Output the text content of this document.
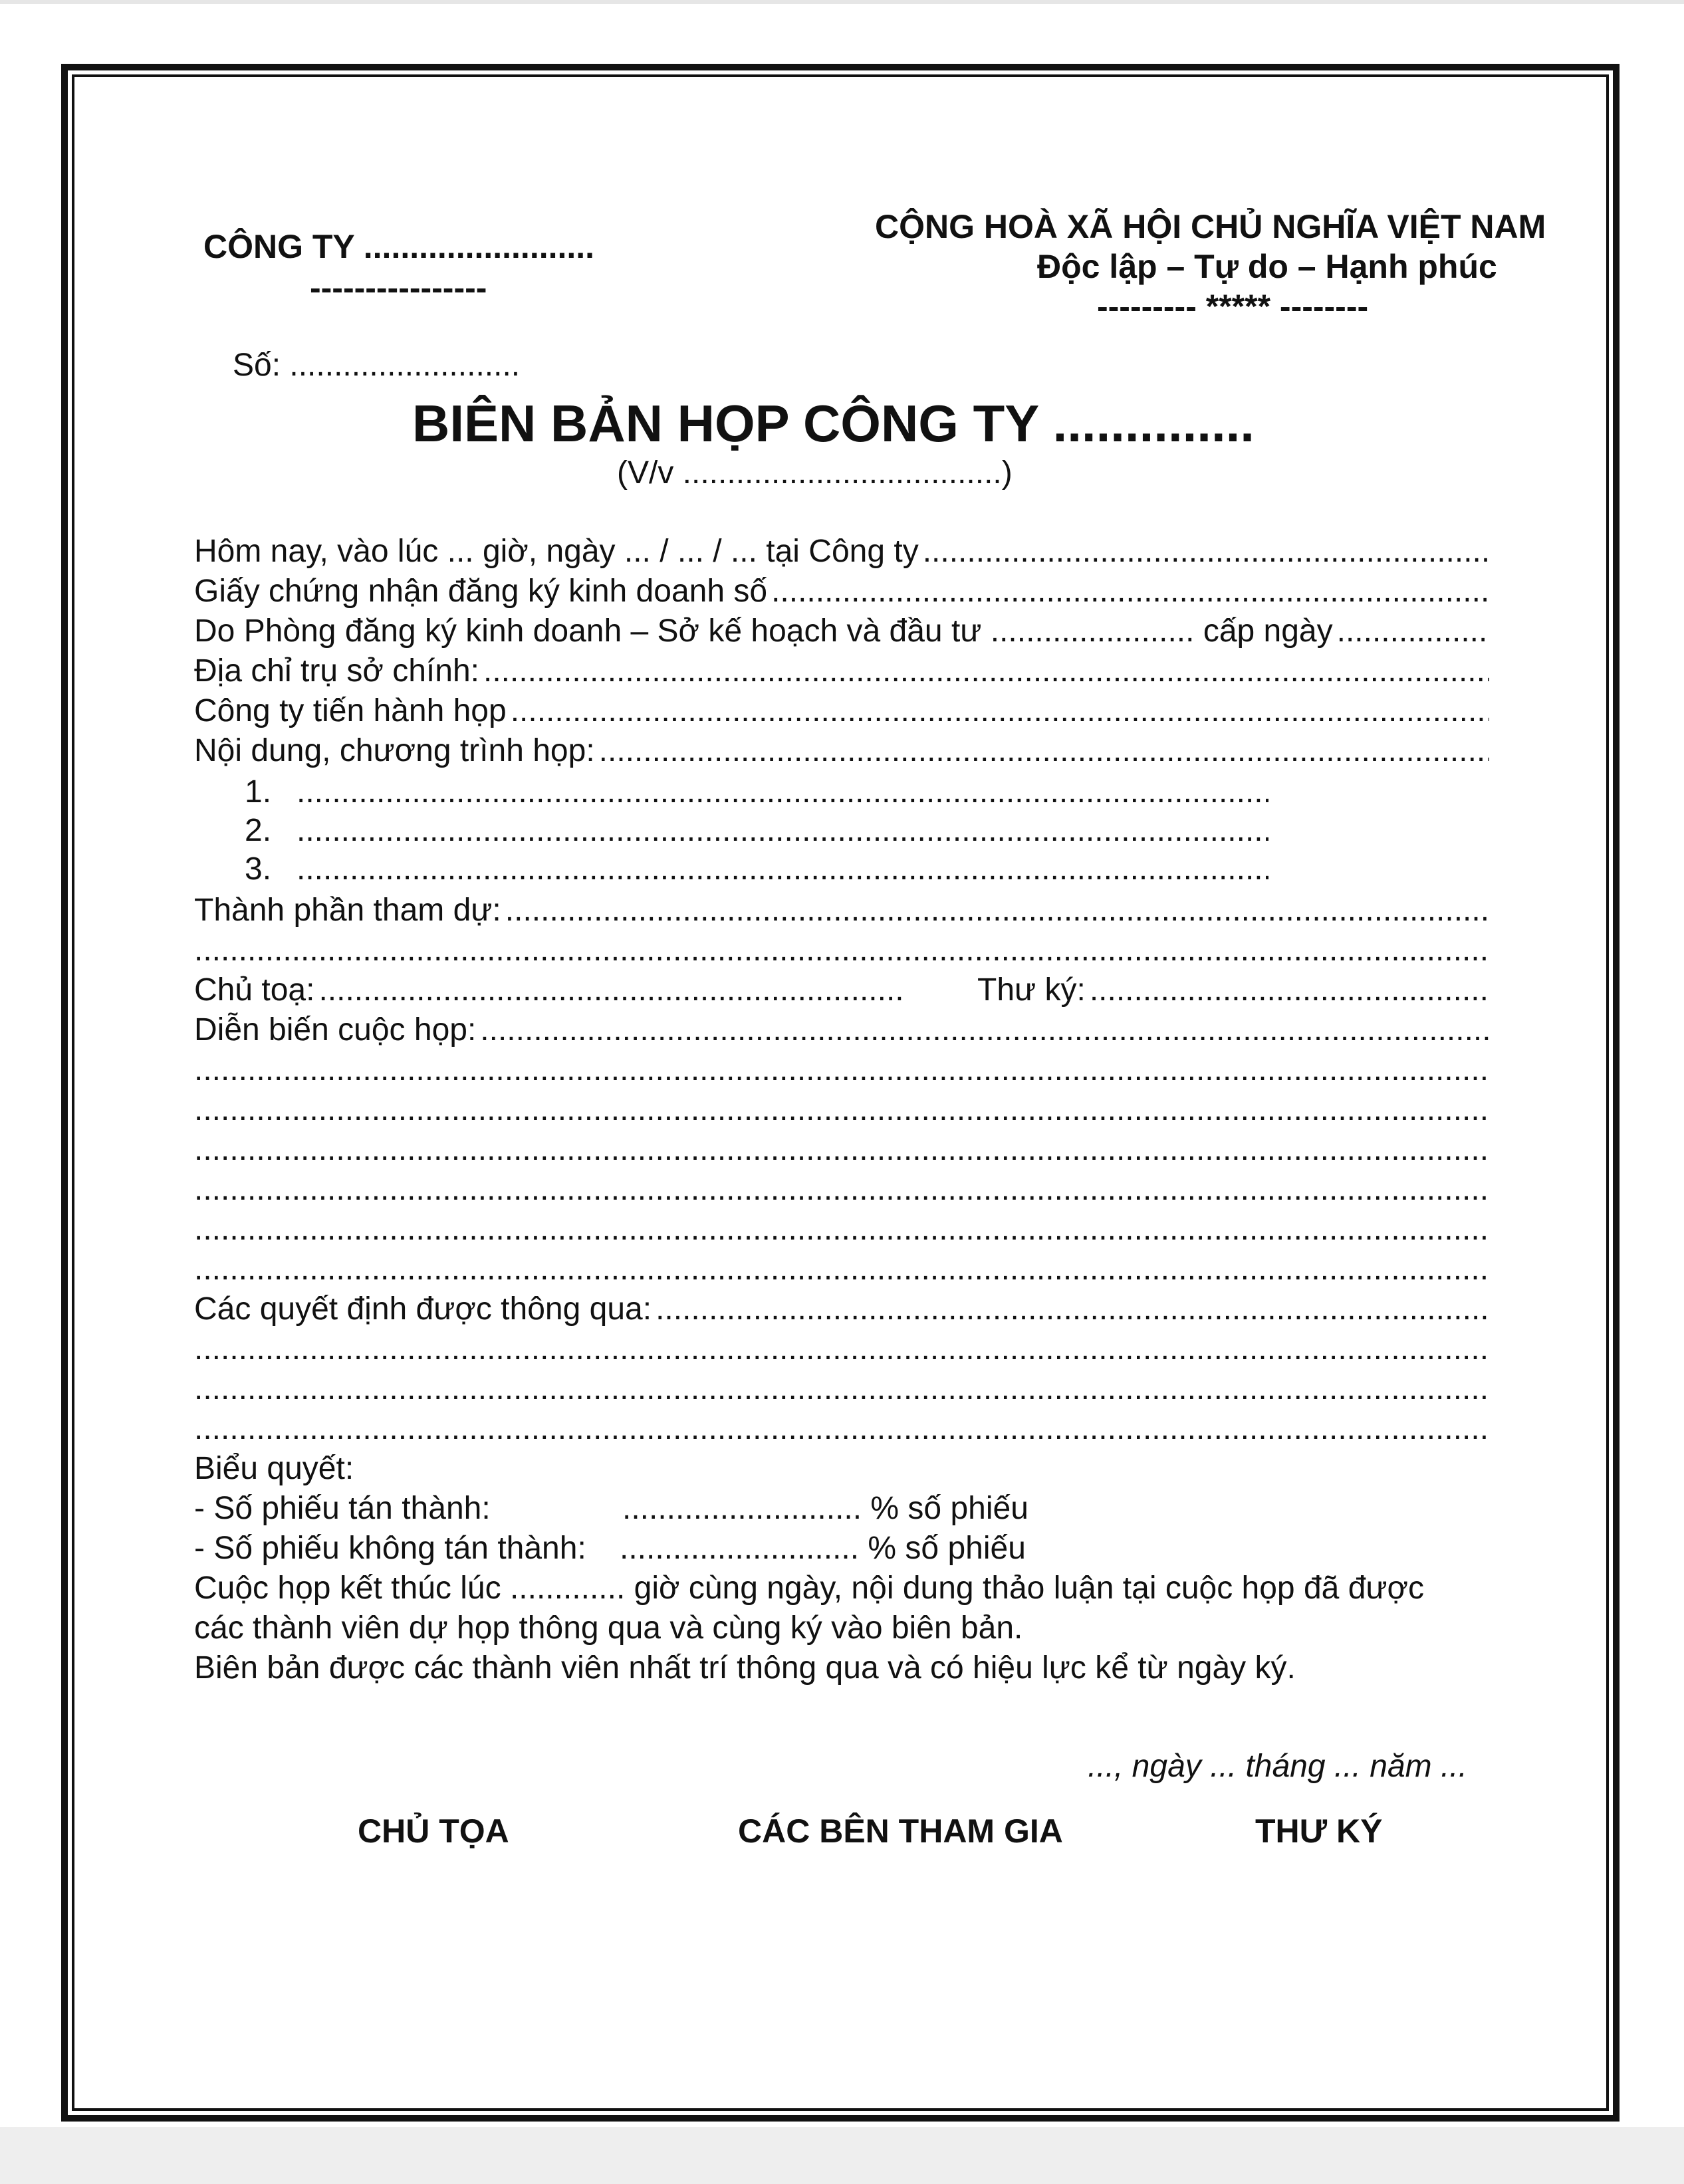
CÔNG TY .........................
----------------
CỘNG HOÀ XÃ HỘI CHỦ NGHĨA VIỆT NAM
Độc lập – Tự do – Hạnh phúc
--------- ***** --------
Số: ..........................
BIÊN BẢN HỌP CÔNG TY ..............
(V/v ....................................)
Hôm nay, vào lúc ... giờ, ngày ... / ... / ... tại Công ty
.....
Giấy chứng nhận đăng ký kinh doanh số
.....
Do Phòng đăng ký kinh doanh – Sở kế hoạch và đầu tư ....................... cấp ngày
.....
Địa chỉ trụ sở chính:
.....
Công ty tiến hành họp
.....
Nội dung, chương trình họp:
.....
1.
.....
2.
.....
3.
.....
Thành phần tham dự:
.....
.....
Chủ toạ:
.....	Thư ký:
.....
Diễn biến cuộc họp:
.....
.....
.....
.....
.....
.....
.....
Các quyết định được thông qua:
.....
.....
.....
.....
Biểu quyết:
- Số phiếu tán thành:	........................... % số phiếu
- Số phiếu không tán thành: ........................... % số phiếu
Cuộc họp kết thúc lúc ............. giờ cùng ngày, nội dung thảo luận tại cuộc họp đã được
các thành viên dự họp thông qua và cùng ký vào biên bản.
Biên bản được các thành viên nhất trí thông qua và có hiệu lực kể từ ngày ký.
..., ngày ... tháng ... năm ...
CHỦ TỌA	CÁC BÊN THAM GIA	THƯ KÝ
